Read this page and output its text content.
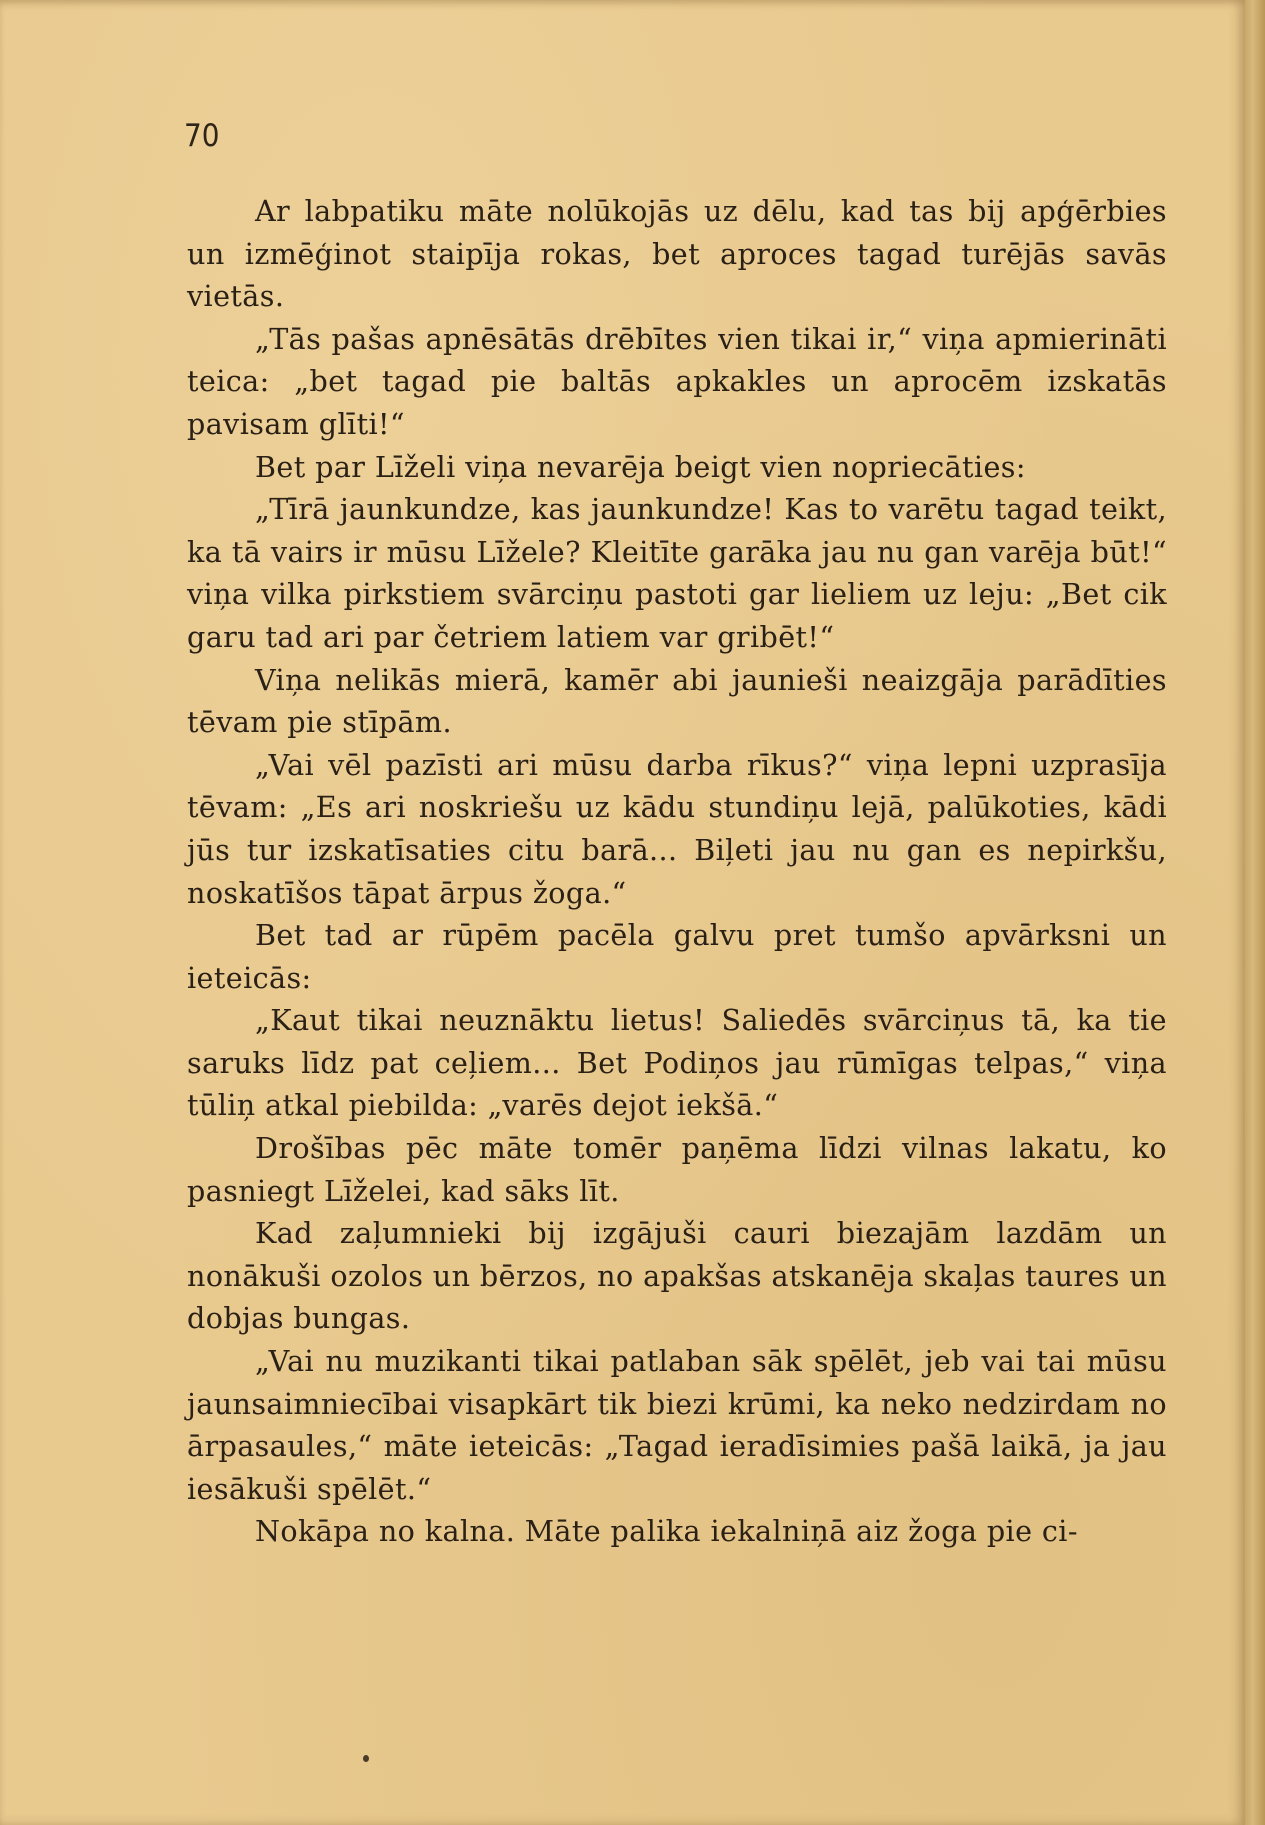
70

Ar labpatiku māte nolūkojās uz dēlu, kad tas bij apģērbies un izmēģinot staipīja rokas, bet aproces tagad turējās savās vietās.

„Tās pašas apnēsātās drēbītes vien tikai ir,“ viņa apmierināti teica: „bet tagad pie baltās apkakles un aprocēm izskatās pavisam glīti!“

Bet par Līželi viņa nevarēja beigt vien nopriecāties:

„Tīrā jaunkundze, kas jaunkundze! Kas to varētu tagad teikt, ka tā vairs ir mūsu Līžele? Kleitīte garāka jau nu gan varēja būt!“ viņa vilka pirkstiem svārciņu pastoti gar lieliem uz leju: „Bet cik garu tad ari par četriem latiem var gribēt!“

Viņa nelikās mierā, kamēr abi jaunieši neaizgāja parādīties tēvam pie stīpām.

„Vai vēl pazīsti ari mūsu darba rīkus?“ viņa lepni uzprasīja tēvam: „Es ari noskriešu uz kādu stundiņu lejā, palūkoties, kādi jūs tur izskatīsaties citu barā... Biļeti jau nu gan es nepirkšu, noskatīšos tāpat ārpus žoga.“

Bet tad ar rūpēm pacēla galvu pret tumšo apvārksni un ieteicās:

„Kaut tikai neuznāktu lietus! Saliedēs svārciņus tā, ka tie saruks līdz pat ceļiem... Bet Podiņos jau rūmīgas telpas,“ viņa tūliņ atkal piebilda: „varēs dejot iekšā.“

Drošības pēc māte tomēr paņēma līdzi vilnas lakatu, ko pasniegt Līželei, kad sāks līt.

Kad zaļumnieki bij izgājuši cauri biezajām lazdām un nonākuši ozolos un bērzos, no apakšas atskanēja skaļas taures un dobjas bungas.

„Vai nu muzikanti tikai patlaban sāk spēlēt, jeb vai tai mūsu jaunsaimniecībai visapkārt tik biezi krūmi, ka neko nedzirdam no ārpasaules,“ māte ieteicās: „Tagad ieradīsimies pašā laikā, ja jau iesākuši spēlēt.“

Nokāpa no kalna. Māte palika iekalniņā aiz žoga pie ci-
